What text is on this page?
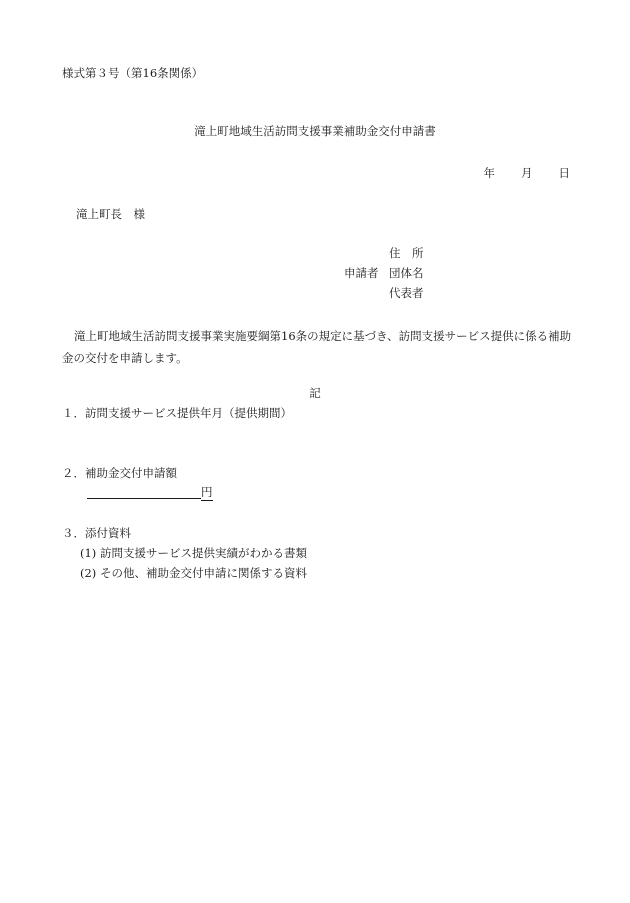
様式第３号（第16条関係）
滝上町地域生活訪問支援事業補助金交付申請書
年 月 日
滝上町長　様
申請者
住　所
団体名
代表者
滝上町地域生活訪問支援事業実施要綱第16条の規定に基づき、訪問支援サービス提供に係る補助金の交付を申請します。
記
１．訪問支援サービス提供年月（提供期間）
２．補助金交付申請額
円
３．添付資料
(1) 訪問支援サービス提供実績がわかる書類
(2) その他、補助金交付申請に関係する資料
